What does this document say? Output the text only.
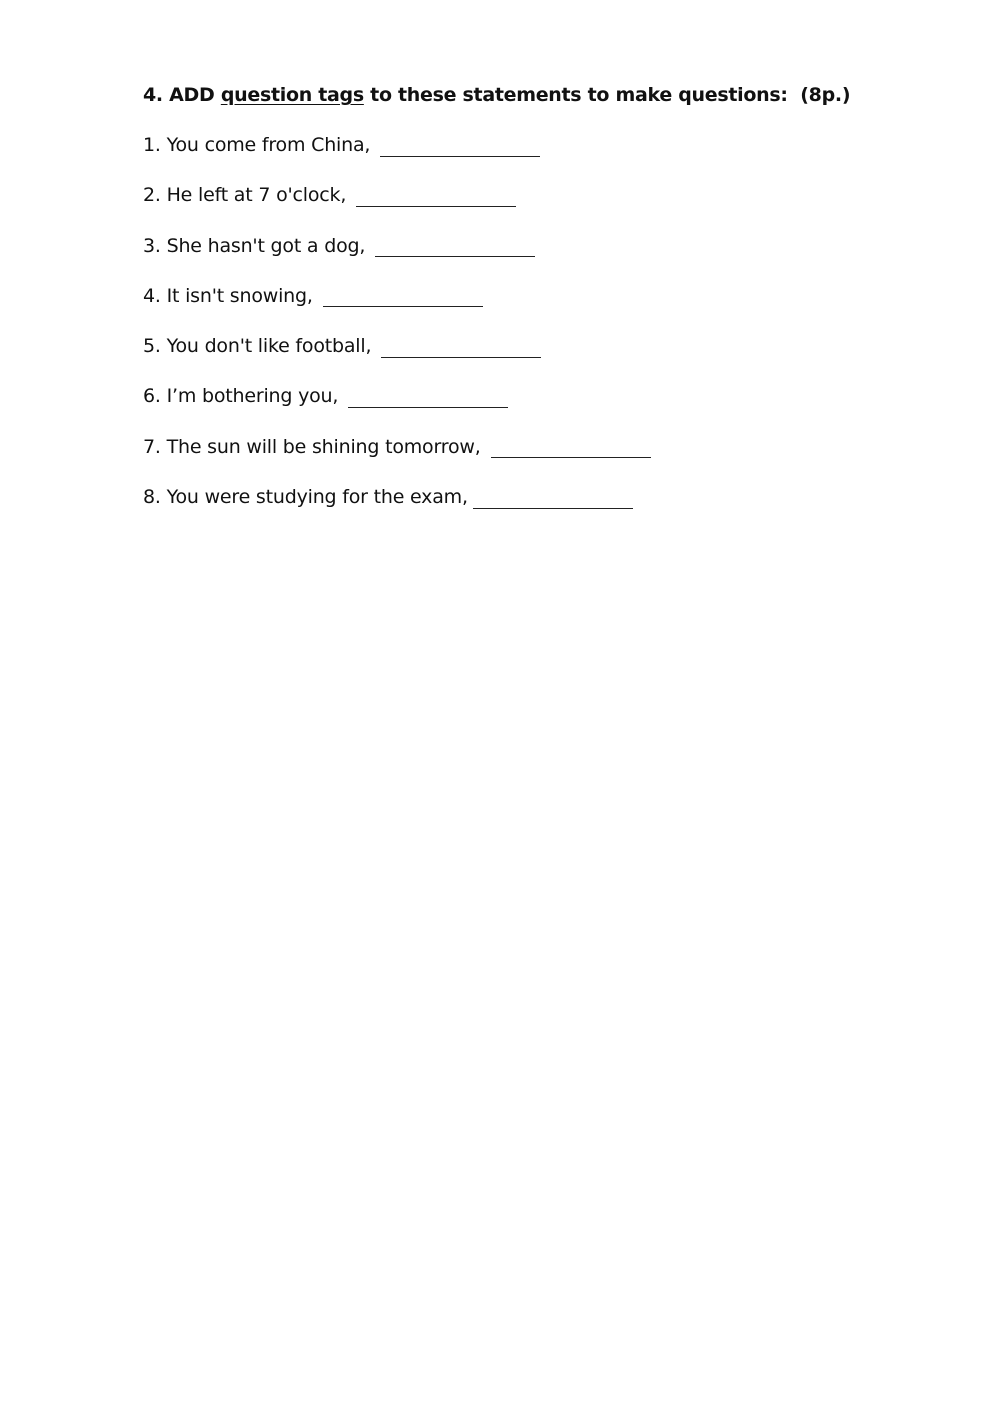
4. ADD question tags to these statements to make questions: (8p.)
1. You come from China,
2. He left at 7 o'clock,
3. She hasn't got a dog,
4. It isn't snowing,
5. You don't like football,
6. I’m bothering you,
7. The sun will be shining tomorrow,
8. You were studying for the exam,
